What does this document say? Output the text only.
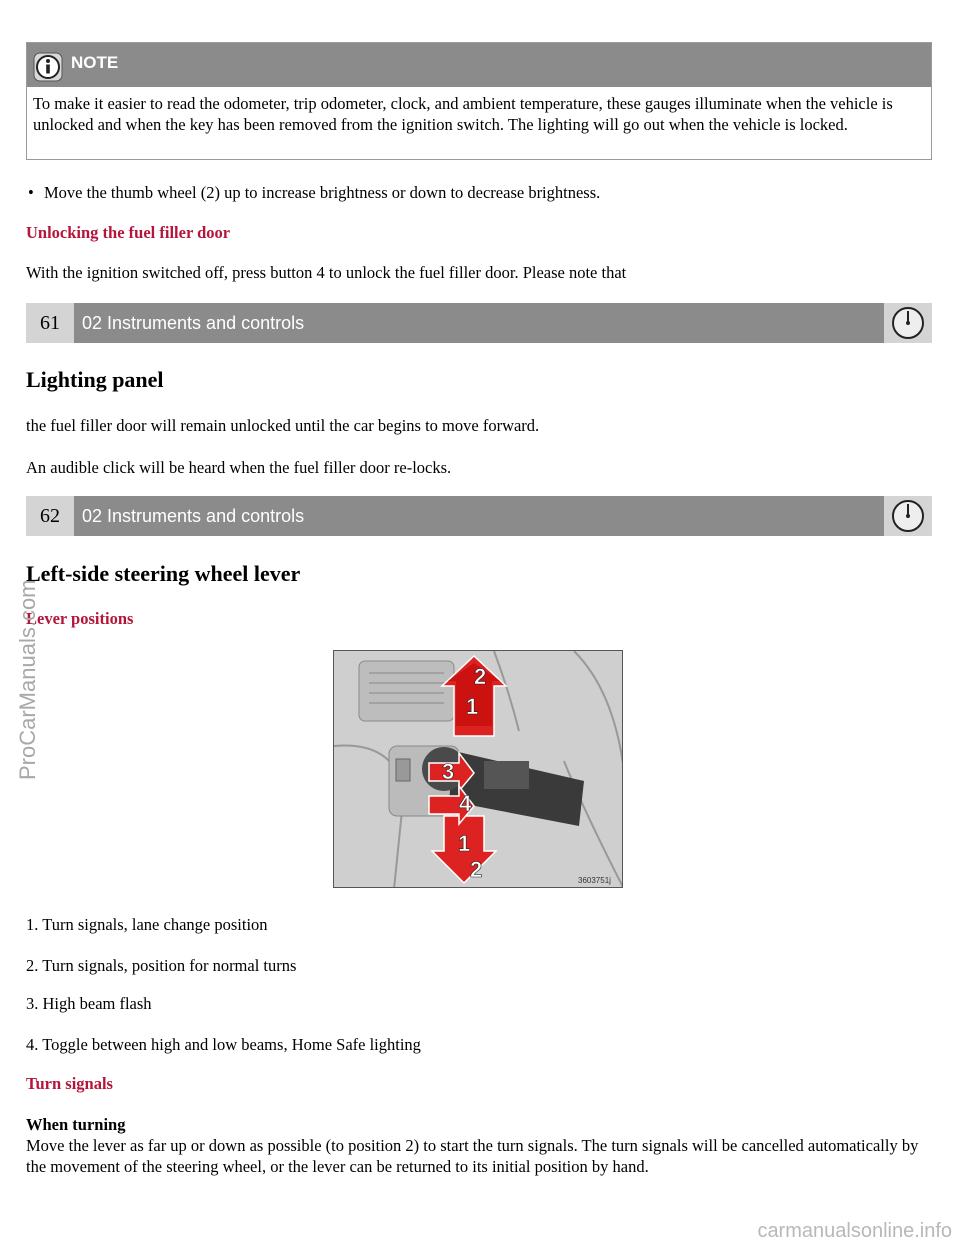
NOTE
To make it easier to read the odometer, trip odometer, clock, and ambient temperature, these gauges illuminate when the vehicle is unlocked and when the key has been removed from the ignition switch. The lighting will go out when the vehicle is locked.
• Move the thumb wheel (2) up to increase brightness or down to decrease brightness.
Unlocking the fuel filler door
With the ignition switched off, press button 4 to unlock the fuel filler door. Please note that
61	02 Instruments and controls
Lighting panel
the fuel filler door will remain unlocked until the car begins to move forward.
An audible click will be heard when the fuel filler door re-locks.
62	02 Instruments and controls
Left-side steering wheel lever
Lever positions
2
1
3
4
1
2	3603751j
1. Turn signals, lane change position
2. Turn signals, position for normal turns
3. High beam flash
4. Toggle between high and low beams, Home Safe lighting
Turn signals
When turning
Move the lever as far up or down as possible (to position 2) to start the turn signals. The turn signals will be cancelled automatically by the movement of the steering wheel, or the lever can be returned to its initial position by hand.
ProCarManuals.com
carmanualsonline.info
